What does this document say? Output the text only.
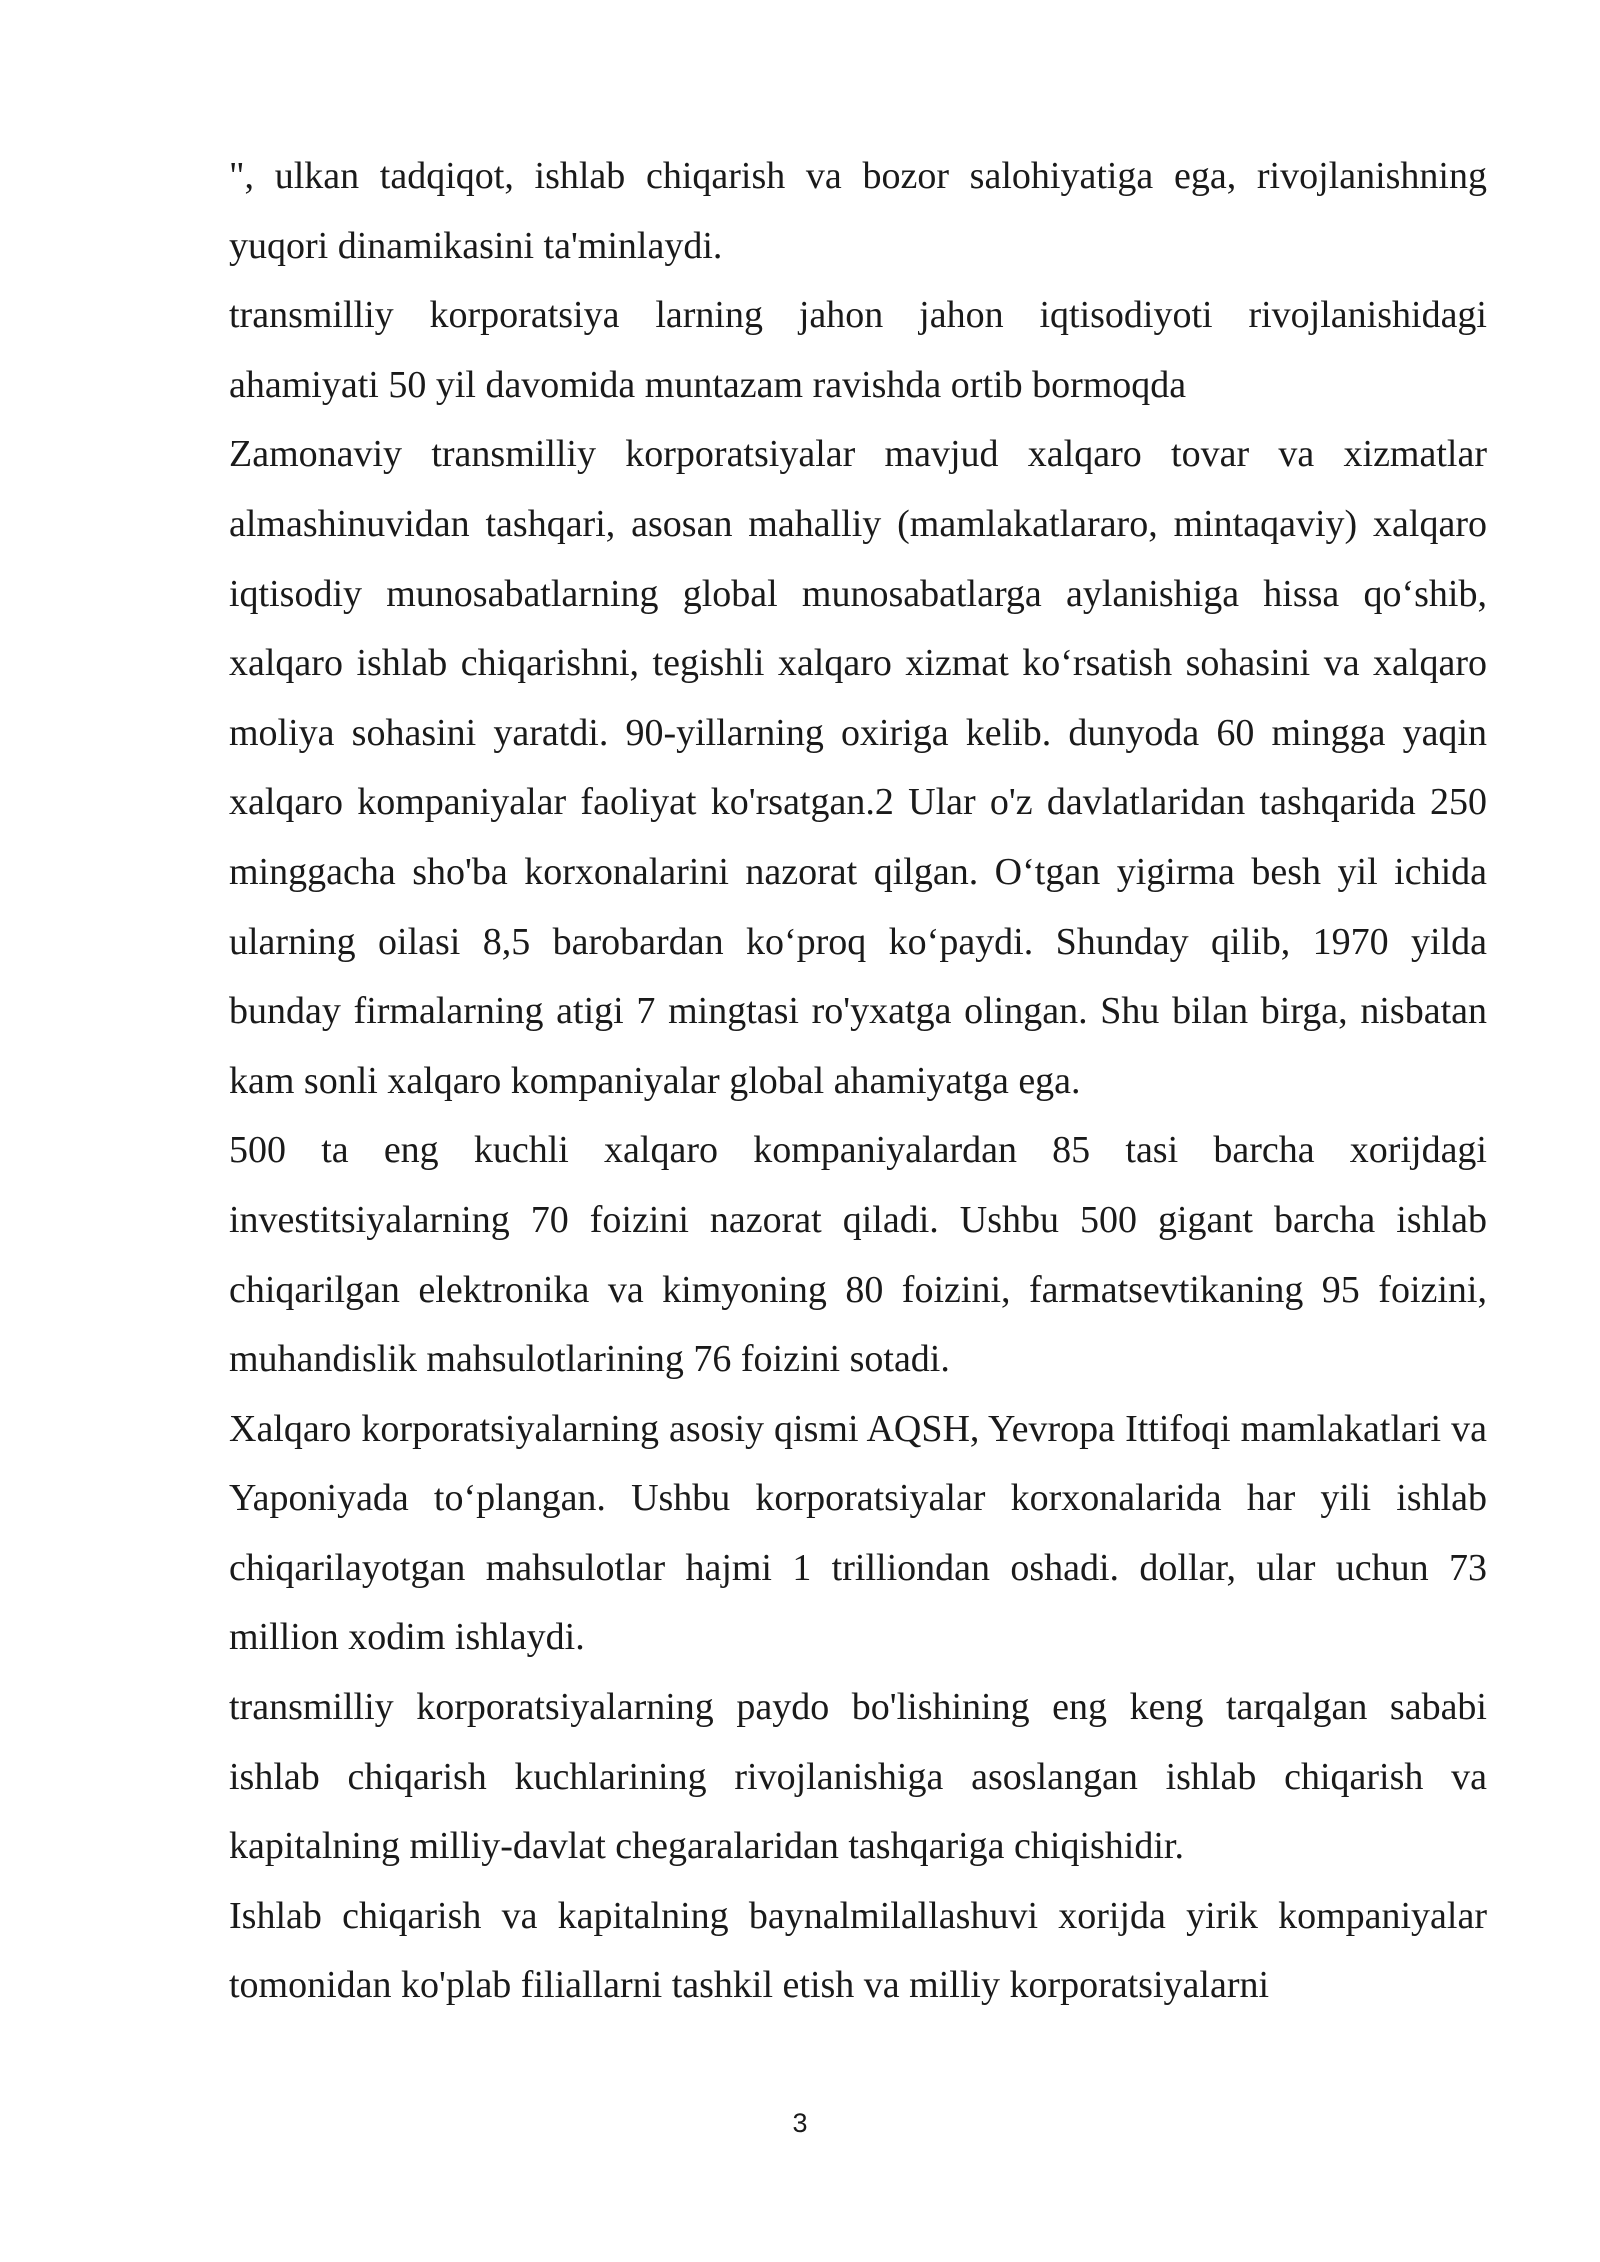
", ulkan tadqiqot, ishlab chiqarish va bozor salohiyatiga ega, rivojlanishning yuqori dinamikasini ta'minlaydi.

transmilliy korporatsiya larning jahon jahon iqtisodiyoti rivojlanishidagi ahamiyati 50 yil davomida muntazam ravishda ortib bormoqda

Zamonaviy transmilliy korporatsiyalar mavjud xalqaro tovar va xizmatlar almashinuvidan tashqari, asosan mahalliy (mamlakatlararo, mintaqaviy) xalqaro iqtisodiy munosabatlarning global munosabatlarga aylanishiga hissa qo‘shib, xalqaro ishlab chiqarishni, tegishli xalqaro xizmat ko‘rsatish sohasini va xalqaro moliya sohasini yaratdi. 90-yillarning oxiriga kelib. dunyoda 60 mingga yaqin xalqaro kompaniyalar faoliyat ko'rsatgan.2 Ular o'z davlatlaridan tashqarida 250 minggacha sho'ba korxonalarini nazorat qilgan. O‘tgan yigirma besh yil ichida ularning oilasi 8,5 barobardan ko‘proq ko‘paydi. Shunday qilib, 1970 yilda bunday firmalarning atigi 7 mingtasi ro'yxatga olingan. Shu bilan birga, nisbatan kam sonli xalqaro kompaniyalar global ahamiyatga ega.

500 ta eng kuchli xalqaro kompaniyalardan 85 tasi barcha xorijdagi investitsiyalarning 70 foizini nazorat qiladi. Ushbu 500 gigant barcha ishlab chiqarilgan elektronika va kimyoning 80 foizini, farmatsevtikaning 95 foizini, muhandislik mahsulotlarining 76 foizini sotadi.

Xalqaro korporatsiyalarning asosiy qismi AQSH, Yevropa Ittifoqi mamlakatlari va Yaponiyada to‘plangan. Ushbu korporatsiyalar korxonalarida har yili ishlab chiqarilayotgan mahsulotlar hajmi 1 trilliondan oshadi. dollar, ular uchun 73 million xodim ishlaydi.

transmilliy korporatsiyalarning paydo bo'lishining eng keng tarqalgan sababi ishlab chiqarish kuchlarining rivojlanishiga asoslangan ishlab chiqarish va kapitalning milliy-davlat chegaralaridan tashqariga chiqishidir.

Ishlab chiqarish va kapitalning baynalmilallashuvi xorijda yirik kompaniyalar tomonidan ko'plab filiallarni tashkil etish va milliy korporatsiyalarni

3
